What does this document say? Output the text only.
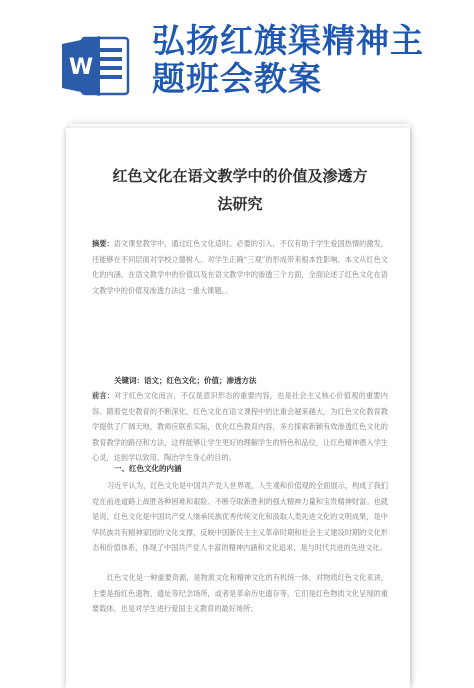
W
弘扬红旗渠精神主题班会教案
红色文化在语文教学中的价值及渗透方法研究
摘要：语文课堂教学中，通过红色文化适时、必要的引入，不仅有助于学生爱国热情的激发，还能够在不同层面对学校立德树人、对学生正确“三观”的形成带来根本性影响。本文从红色文化的内涵、在语文教学中的价值以及在语文教学中的渗透三个方面，全面论述了红色文化在语文教学中的价值及渗透方法这一重大课题。。
关键词：语文；红色文化；价值；渗透方法
前言：对于红色文化而言，不仅是意识形态的重要内容，也是社会主义核心价值观的重要内容。随着党史教育的不断深化，红色文化在语文课程中的比重会越来越大，为红色文化教育教学提供了广阔天地，教师应联系实际，优化红色教育内容，多方探索新颖有效渗透红色文化的教育教学的路径和方法，这样能够让学生更好的理解学生的特色和品位，让红色精神潜入学生心灵，达到学以致用、陶冶学生身心的目的。
一、红色文化的内涵
习近平认为，红色文化是中国共产党人世界观，人生观和价值观的全面展示，构成了我们党在前进道路上战胜各种困难和艰险、不断夺取新胜利的强大精神力量和宝贵精神财富。也就是说，红色文化是中国共产党人继承民族优秀传统文化和汲取人类先进文化的文明成果，是中华民族共有精神家园的文化支撑，反映中国新民主主义革命时期和社会主义建设时期的文化形态和价值体系，体现了中国共产党人丰富的精神内涵和文化追求，是与时代共进的先进文化。
红色文化是一种重要资源，是物质文化和精神文化的有机统一体，对物质红色文化来讲，主要是指红色遗物、遗址等纪念场所，或者是革命历史遗存等，它们是红色物质文化呈现的重要载体，也是对学生进行爱国主义教育的最好场所；
